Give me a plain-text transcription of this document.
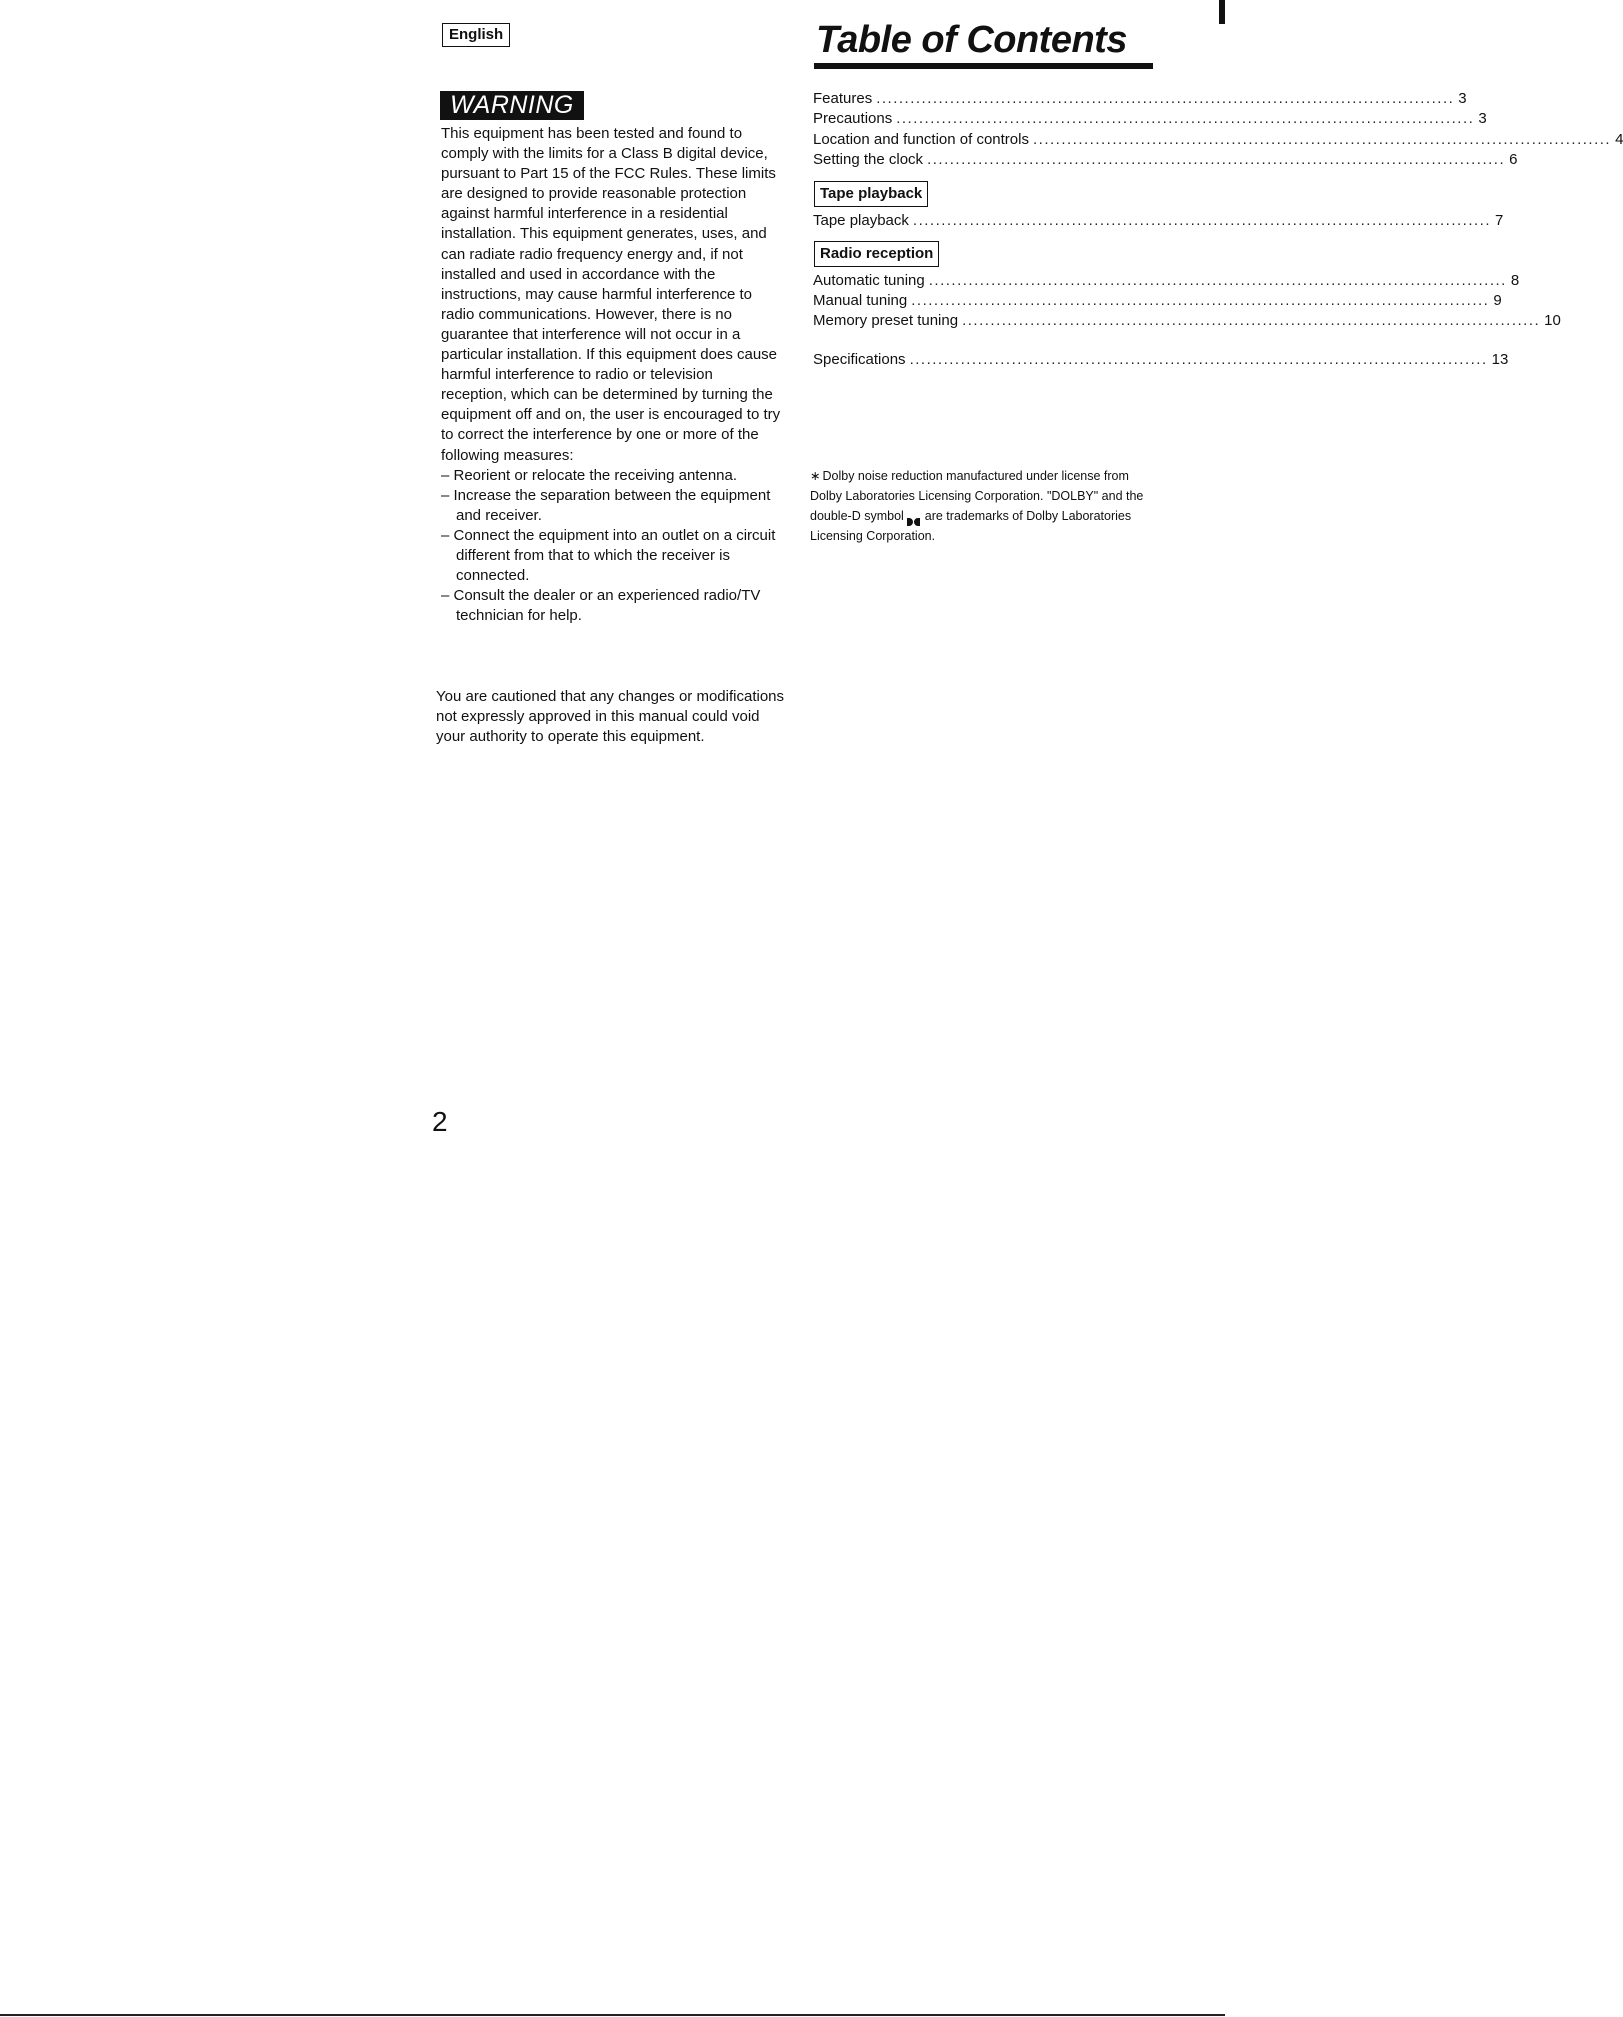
English
WARNING

This equipment has been tested and found to comply with the limits for a Class B digital device, pursuant to Part 15 of the FCC Rules. These limits are designed to provide reasonable protection against harmful interference in a residential installation. This equipment generates, uses, and can radiate radio frequency energy and, if not installed and used in accordance with the instructions, may cause harmful interference to radio communications. However, there is no guarantee that interference will not occur in a particular installation. If this equipment does cause harmful interference to radio or television reception, which can be determined by turning the equipment off and on, the user is encouraged to try to correct the interference by one or more of the following measures:

– Reorient or relocate the receiving antenna.
– Increase the separation between the equipment and receiver.
– Connect the equipment into an outlet on a circuit different from that to which the receiver is connected.
– Consult the dealer or an experienced radio/TV technician for help.
You are cautioned that any changes or modifications not expressly approved in this manual could void your authority to operate this equipment.
2
Table of Contents
Features ...................................................................................................... 3
Precautions ...................................................................................................... 3
Location and function of controls ...................................................................................................... 4
Setting the clock ...................................................................................................... 6
Tape playback
Tape playback ...................................................................................................... 7
Radio reception
Automatic tuning ...................................................................................................... 8
Manual tuning ...................................................................................................... 9
Memory preset tuning ...................................................................................................... 10
Specifications ...................................................................................................... 13
∗ Dolby noise reduction manufactured under license from Dolby Laboratories Licensing Corporation. "DOLBY" and the double-D symbol are trademarks of Dolby Laboratories Licensing Corporation.
